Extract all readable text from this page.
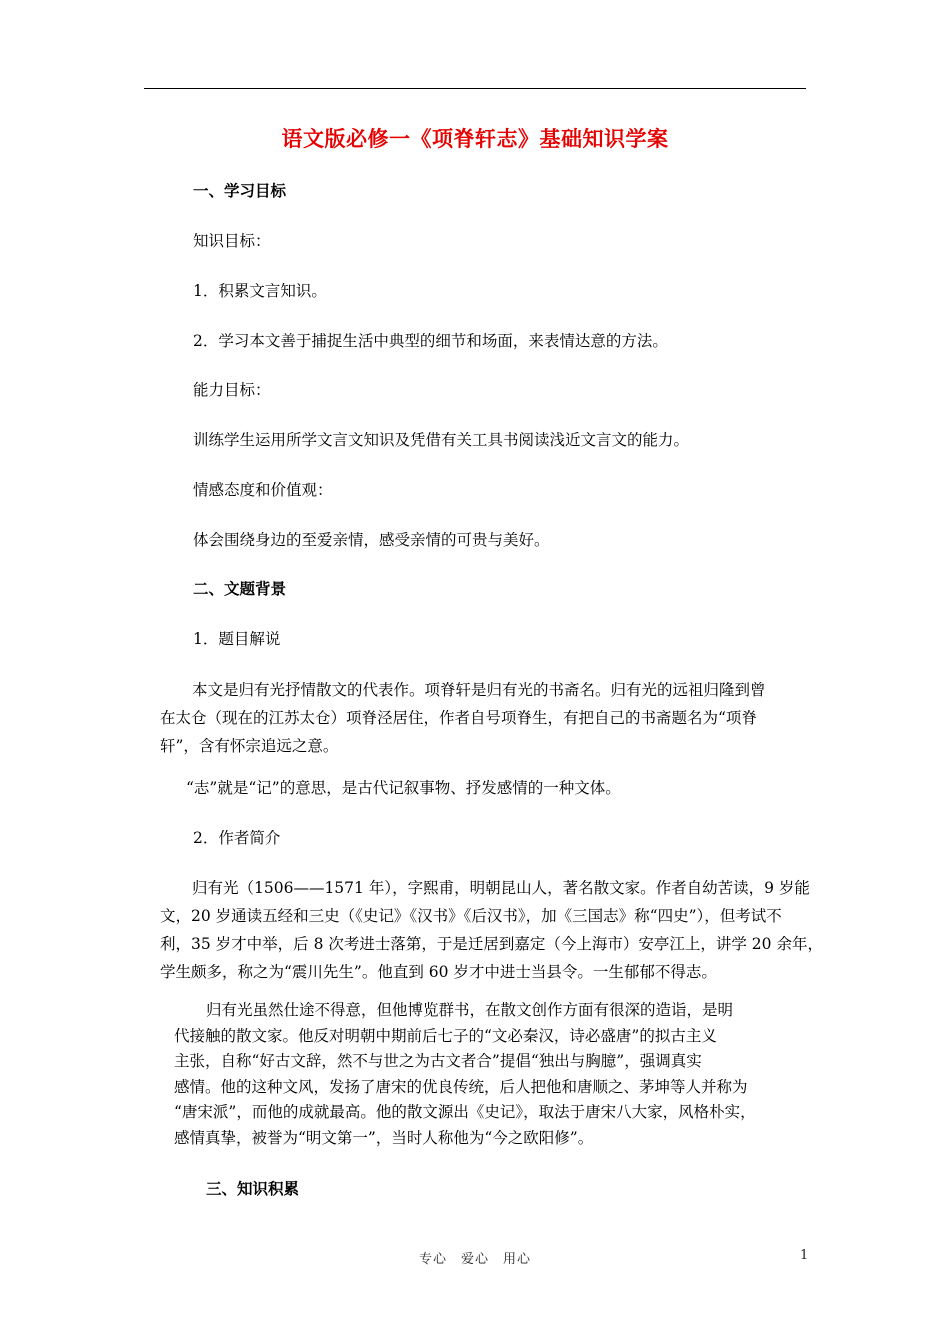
语文版必修一《项脊轩志》基础知识学案
一、学习目标
知识目标：
1．积累文言知识。
2．学习本文善于捕捉生活中典型的细节和场面，来表情达意的方法。
能力目标：
训练学生运用所学文言文知识及凭借有关工具书阅读浅近文言文的能力。
情感态度和价值观：
体会围绕身边的至爱亲情，感受亲情的可贵与美好。
二、文题背景
1．题目解说
本文是归有光抒情散文的代表作。项脊轩是归有光的书斋名。归有光的远祖归隆到曾
在太仓（现在的江苏太仓）项脊泾居住，作者自号项脊生，有把自己的书斋题名为“项脊
轩”，含有怀宗追远之意。
“志”就是“记”的意思，是古代记叙事物、抒发感情的一种文体。
2．作者简介
归有光（1506——1571 年），字熙甫，明朝昆山人，著名散文家。作者自幼苦读，9 岁能
文，20 岁通读五经和三史（《史记》《汉书》《后汉书》，加《三国志》称“四史”），但考试不
利，35 岁才中举，后 8 次考进士落第，于是迁居到嘉定（今上海市）安亭江上，讲学 20 余年，
学生颇多，称之为“震川先生”。他直到 60 岁才中进士当县令。一生郁郁不得志。
归有光虽然仕途不得意，但他博览群书，在散文创作方面有很深的造诣，是明
代接触的散文家。他反对明朝中期前后七子的“文必秦汉，诗必盛唐”的拟古主义
主张，自称“好古文辞，然不与世之为古文者合”提倡“独出与胸臆”，强调真实
感情。他的这种文风，发扬了唐宋的优良传统，后人把他和唐顺之、茅坤等人并称为
“唐宋派”，而他的成就最高。他的散文源出《史记》，取法于唐宋八大家，风格朴实，
感情真挚，被誉为“明文第一”，当时人称他为“今之欧阳修”。
三、知识积累
专心　爱心　用心	1
